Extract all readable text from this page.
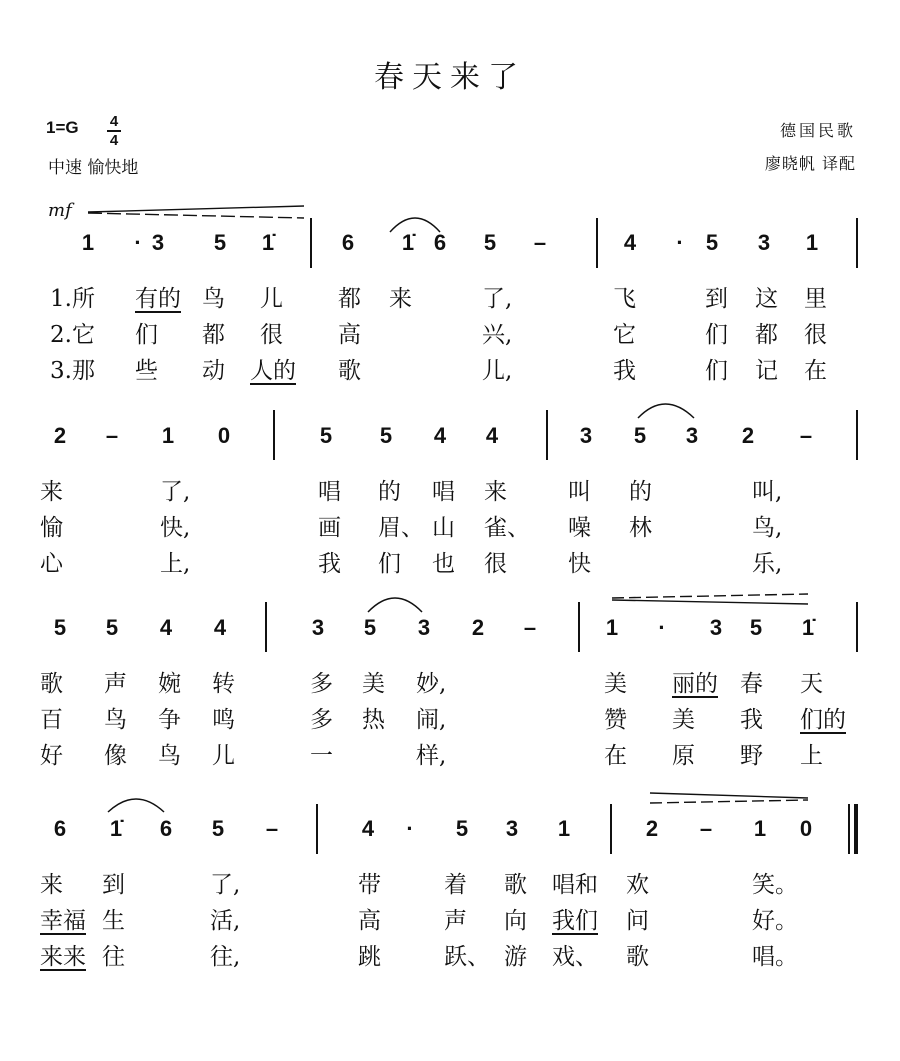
春天来了
1=G 4
4
中速 愉快地
德国民歌
廖晓帆 译配
mf
1	· 3 5 1̇	6 1̇ 6 5 –	4	·	5 3 1
1.所	有的 鸟	儿	都	来	了,	飞	到	这	里
2.它	们	都	很	高	兴,	它	们	都	很
3.那	些	动	人的 歌	儿,	我	们	记	在
2 – 1 0	5 5 4 4	3 5 3 2 –
来	了,	唱	的	唱	来	叫	的	叫,
愉	快,	画	眉、 山	雀、 噪	林	鸟,
心	上,	我	们	也	很	快	乐,
5 5 4 4	3 5 3 2 –	1	·	3 5 1̇
歌	声	婉	转	多	美	妙,	美	丽的 春	天
百	鸟	争	鸣	多	热	闹,	赞	美	我	们的
好	像	鸟	儿	一	样,	在	原	野	上
6 1̇ 6 5 –	4	·	5 3 1	2 – 1 0
来	到	了,	带	着	歌	唱和 欢	笑。
幸福 生	活,	高	声	向	我们 问	好。
来来 往	往,	跳	跃、 游	戏、 歌	唱。
